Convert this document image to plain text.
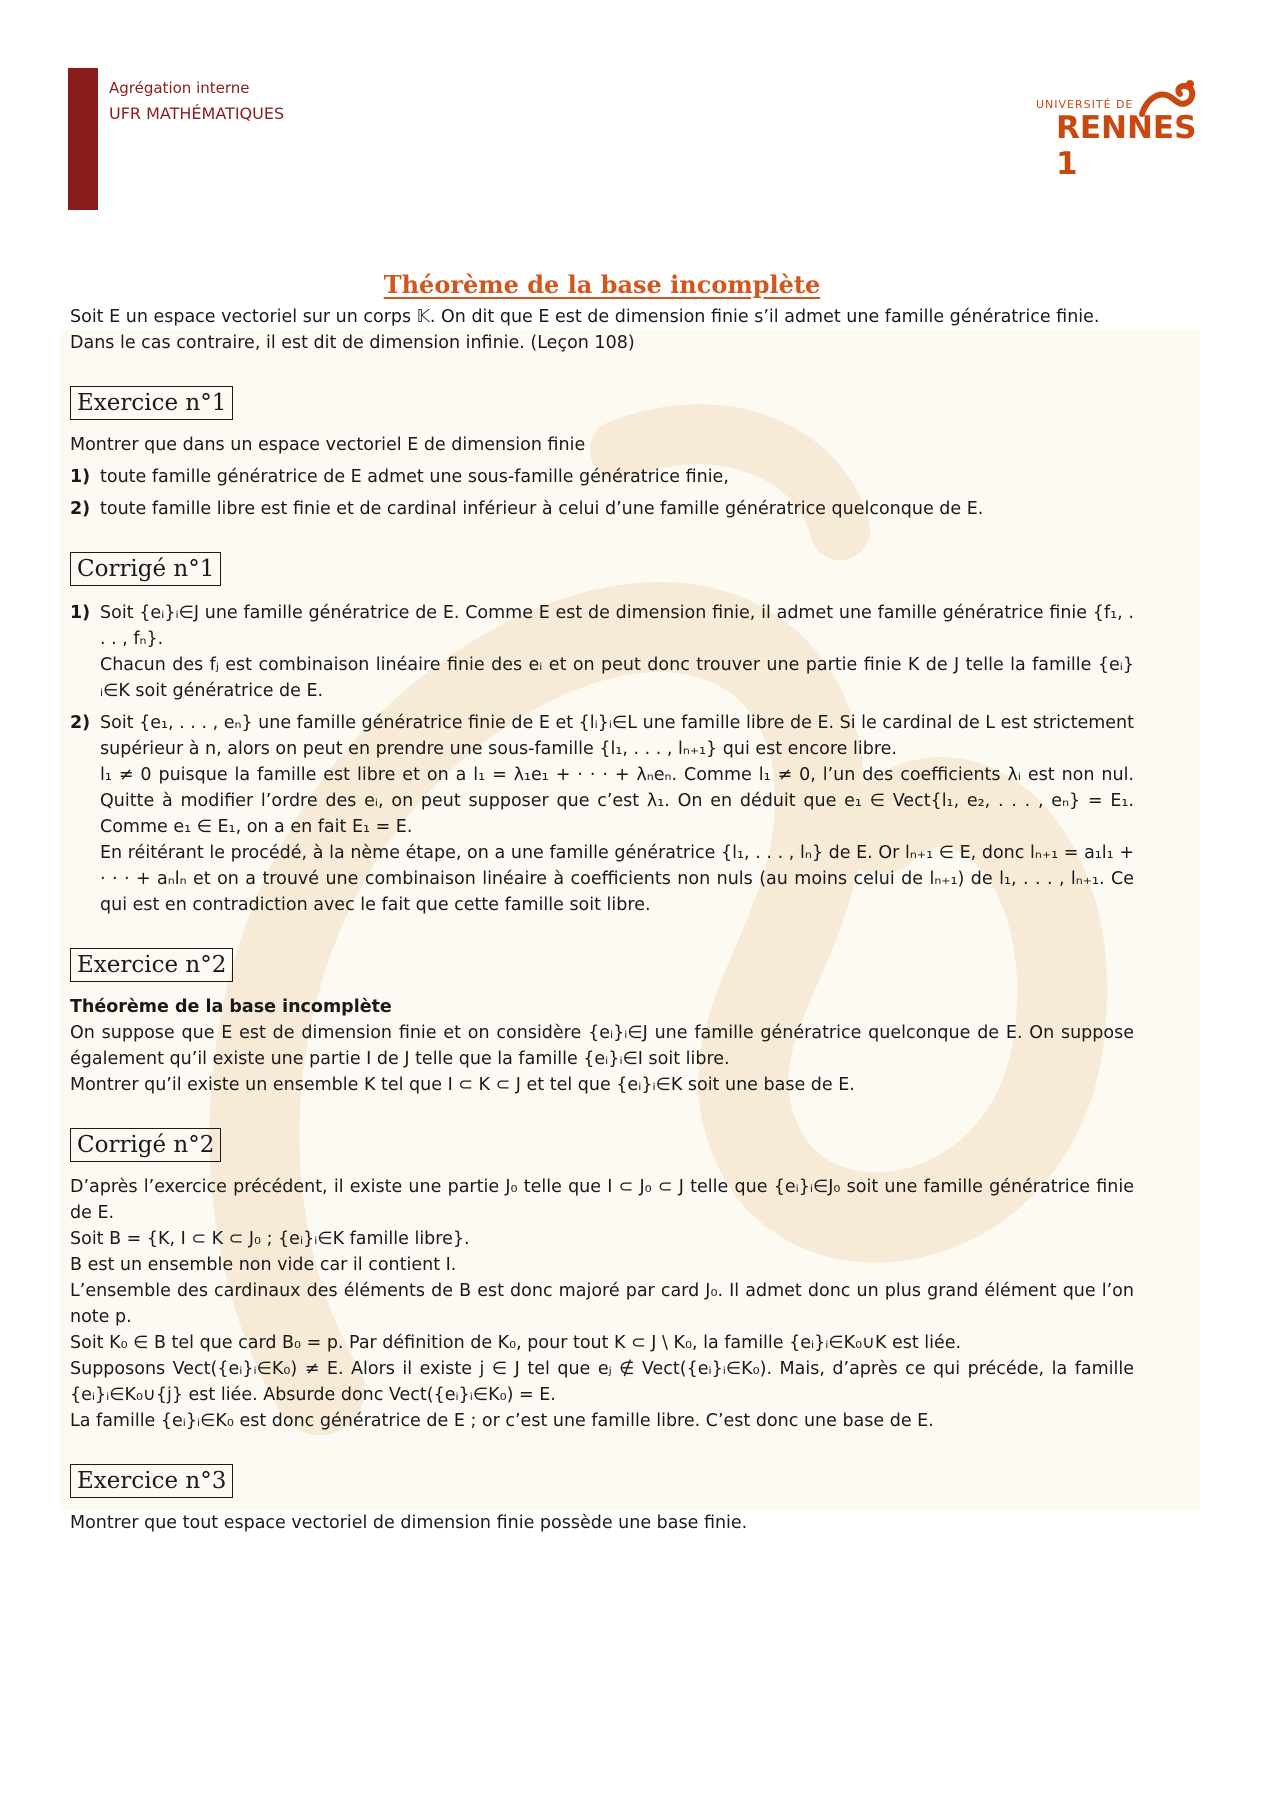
Agrégation interne
UFR MATHÉMATIQUES	UNIVERSITÉ DE
RENNES 1
Théorème de la base incomplète

Soit E un espace vectoriel sur un corps 𝕂. On dit que E est de dimension finie s’il admet une famille génératrice finie.

Dans le cas contraire, il est dit de dimension infinie. (Leçon 108)

Exercice n°1

Montrer que dans un espace vectoriel E de dimension finie

1) toute famille génératrice de E admet une sous-famille génératrice finie,
2) toute famille libre est finie et de cardinal inférieur à celui d’une famille génératrice quelconque de E.
Corrigé n°1
1) Soit {eᵢ}ᵢ∈J une famille génératrice de E. Comme E est de dimension finie, il admet une famille génératrice finie {f₁, . . . , fₙ}.

Chacun des fⱼ est combinaison linéaire finie des eᵢ et on peut donc trouver une partie finie K de J telle la famille {eᵢ}ᵢ∈K soit génératrice de E.

2) Soit {e₁, . . . , eₙ} une famille génératrice finie de E et {lᵢ}ᵢ∈L une famille libre de E. Si le cardinal de L est strictement supérieur à n, alors on peut en prendre une sous-famille {l₁, . . . , lₙ₊₁} qui est encore libre.

l₁ ≠ 0 puisque la famille est libre et on a l₁ = λ₁e₁ + · · · + λₙeₙ. Comme l₁ ≠ 0, l’un des coefficients λᵢ est non nul. Quitte à modifier l’ordre des eᵢ, on peut supposer que c’est λ₁. On en déduit que e₁ ∈ Vect{l₁, e₂, . . . , eₙ} = E₁. Comme e₁ ∈ E₁, on a en fait E₁ = E.

En réitérant le procédé, à la nème étape, on a une famille génératrice {l₁, . . . , lₙ} de E. Or lₙ₊₁ ∈ E, donc lₙ₊₁ = a₁l₁ + · · · + aₙlₙ et on a trouvé une combinaison linéaire à coefficients non nuls (au moins celui de lₙ₊₁) de l₁, . . . , lₙ₊₁. Ce qui est en contradiction avec le fait que cette famille soit libre.

Exercice n°2

Théorème de la base incomplète

On suppose que E est de dimension finie et on considère {eᵢ}ᵢ∈J une famille génératrice quelconque de E. On suppose également qu’il existe une partie I de J telle que la famille {eᵢ}ᵢ∈I soit libre.

Montrer qu’il existe un ensemble K tel que I ⊂ K ⊂ J et tel que {eᵢ}ᵢ∈K soit une base de E.

Corrigé n°2

D’après l’exercice précédent, il existe une partie J₀ telle que I ⊂ J₀ ⊂ J telle que {eᵢ}ᵢ∈J₀ soit une famille génératrice finie de E.

Soit B = {K, I ⊂ K ⊂ J₀ ; {eᵢ}ᵢ∈K famille libre}.

B est un ensemble non vide car il contient I.

L’ensemble des cardinaux des éléments de B est donc majoré par card J₀. Il admet donc un plus grand élément que l’on note p.

Soit K₀ ∈ B tel que card B₀ = p. Par définition de K₀, pour tout K ⊂ J \ K₀, la famille {eᵢ}ᵢ∈K₀∪K est liée.

Supposons Vect({eᵢ}ᵢ∈K₀) ≠ E. Alors il existe j ∈ J tel que eⱼ ∉ Vect({eᵢ}ᵢ∈K₀). Mais, d’après ce qui précéde, la famille {eᵢ}ᵢ∈K₀∪{j} est liée. Absurde donc Vect({eᵢ}ᵢ∈K₀) = E.

La famille {eᵢ}ᵢ∈K₀ est donc génératrice de E ; or c’est une famille libre. C’est donc une base de E.

Exercice n°3

Montrer que tout espace vectoriel de dimension finie possède une base finie.
